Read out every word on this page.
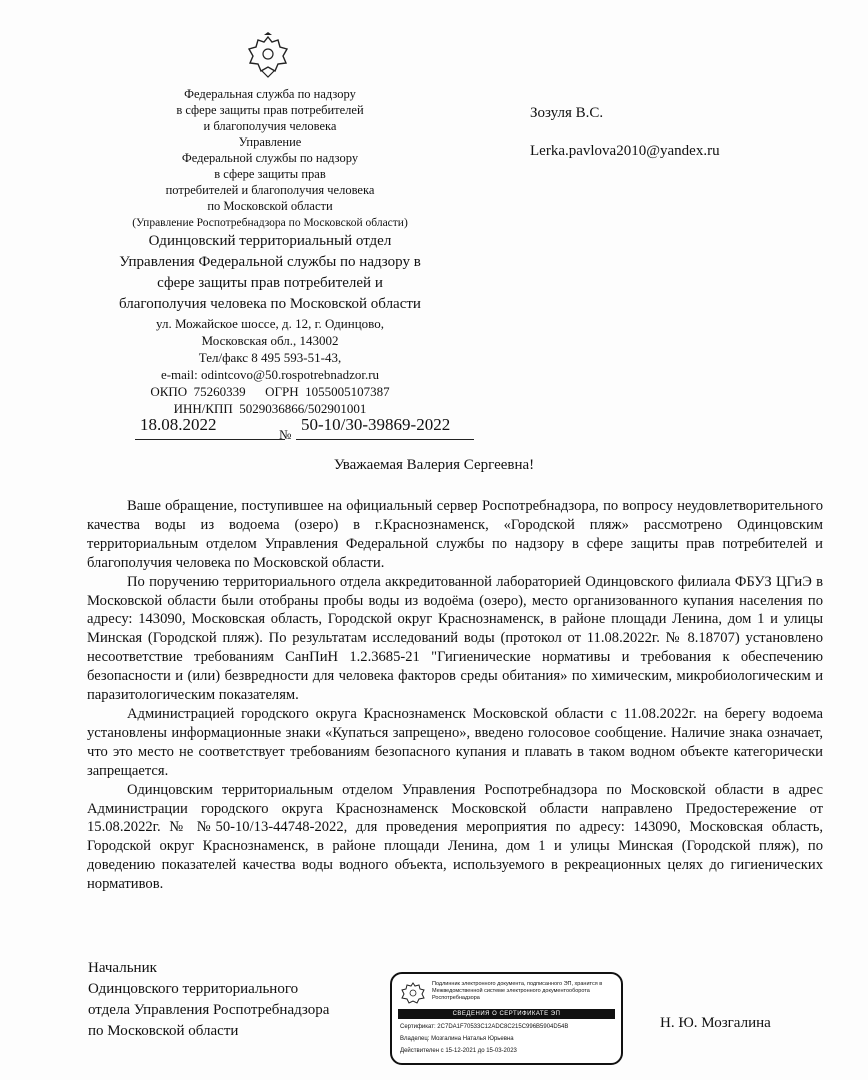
Федеральная служба по надзору
в сфере защиты прав потребителей
и благополучия человека
Управление
Федеральной службы по надзору
в сфере защиты прав
потребителей и благополучия человека
по Московской области
(Управление Роспотребнадзора по Московской области)
Одинцовский территориальный отдел
Управления Федеральной службы по надзору в
сфере защиты прав потребителей и
благополучия человека по Московской области
ул. Можайское шоссе, д. 12, г. Одинцово,
Московская обл., 143002
Тел/факс 8 495 593-51-43,
e-mail: odintcovo@50.rospotrebnadzor.ru
ОКПО  75260339      ОГРН  1055005107387
ИНН/КПП  5029036866/502901001
Зозуля В.С.
Lerka.pavlova2010@yandex.ru
18.08.2022
№
50-10/30-39869-2022
Уважаемая Валерия Сергеевна!

Ваше обращение, поступившее на официальный сервер Роспотребнадзора, по вопросу неудовлетворительного качества воды из водоема (озеро) в г.Краснознаменск, «Городской пляж» рассмотрено Одинцовским территориальным отделом Управления Федеральной службы по надзору в сфере защиты прав потребителей и благополучия человека по Московской области.

По поручению территориального отдела аккредитованной лабораторией Одинцовского филиала ФБУЗ ЦГиЭ в Московской области были отобраны пробы воды из водоёма (озеро), место организованного купания населения по адресу: 143090, Московская область, Городской округ Краснознаменск, в районе площади Ленина, дом 1 и улицы Минская (Городской пляж). По результатам исследований воды (протокол от 11.08.2022г. № 8.18707) установлено несоответствие требованиям СанПиН 1.2.3685-21 "Гигиенические нормативы и требования к обеспечению безопасности и (или) безвредности для человека факторов среды обитания» по химическим, микробиологическим и паразитологическим показателям.

Администрацией городского округа Краснознаменск Московской области с 11.08.2022г. на берегу водоема установлены информационные знаки «Купаться запрещено», введено голосовое сообщение. Наличие знака означает, что это место не соответствует требованиям безопасного купания и плавать в таком водном объекте категорически запрещается.

Одинцовским территориальным отделом Управления Роспотребнадзора по Московской области в адрес Администрации городского округа Краснознаменск Московской области направлено Предостережение от 15.08.2022г. № №50-10/13-44748-2022, для проведения мероприятия по адресу: 143090, Московская область, Городской округ Краснознаменск, в районе площади Ленина, дом 1 и улицы Минская (Городской пляж), по доведению показателей качества воды водного объекта, используемого в рекреационных целях до гигиенических нормативов.

Начальник
Одинцовского территориального
отдела Управления Роспотребнадзора
по Московской области
Подлинник электронного документа, подписанного ЭП, хранится в Межведомственной системе электронного документооборота Роспотребнадзора
СВЕДЕНИЯ О СЕРТИФИКАТЕ ЭП
Сертификат: 2C7DA1F70533C12ADC8C215C996B5904D54B
Владелец: Мозгалина Наталья Юрьевна
Действителен с 15-12-2021 до 15-03-2023
Н. Ю. Мозгалина
